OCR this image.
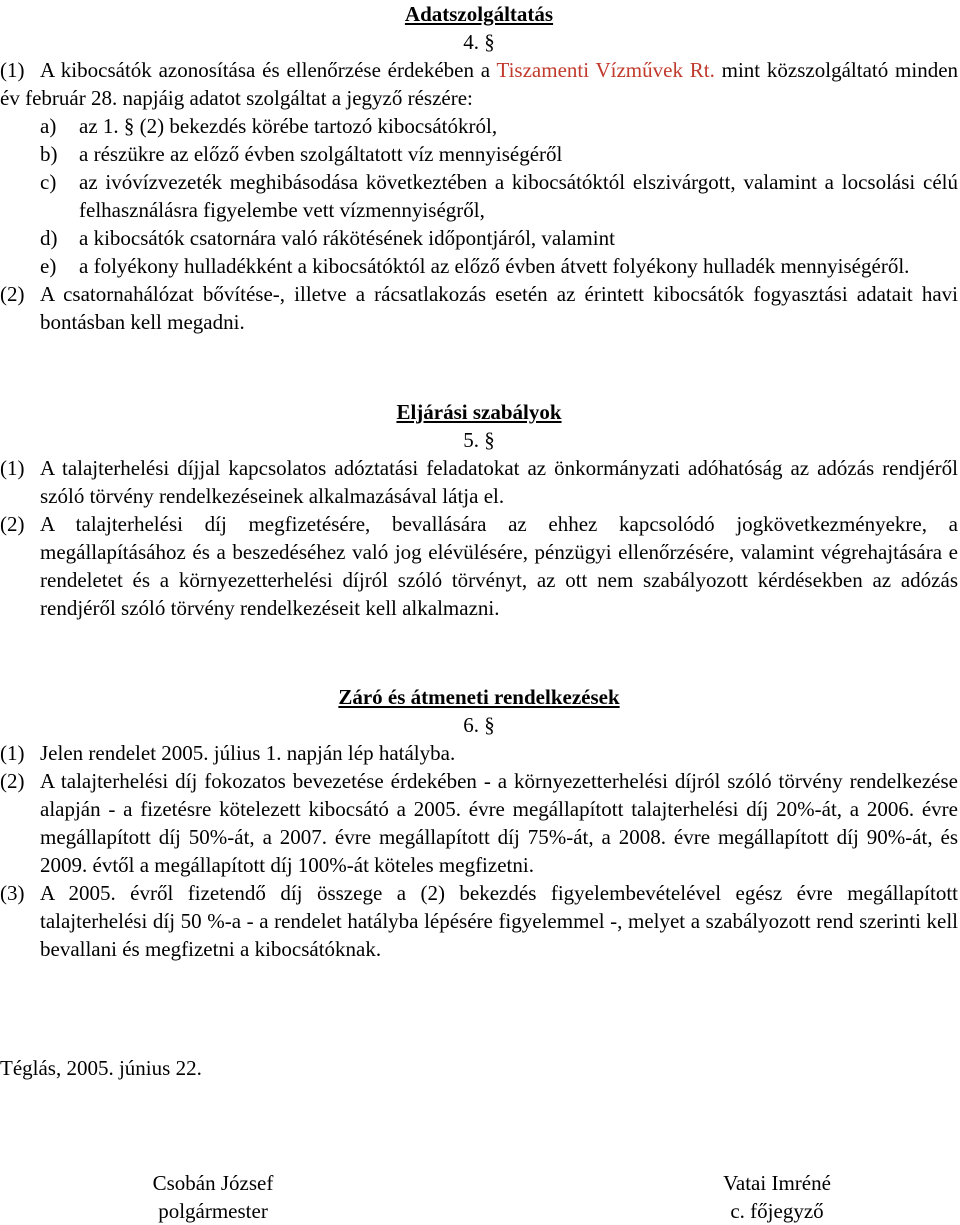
Adatszolgáltatás
4. §
(1) A kibocsátók azonosítása és ellenőrzése érdekében a Tiszamenti Vízművek Rt. mint közszolgáltató minden év február 28. napjáig adatot szolgáltat a jegyző részére:
a) az 1. § (2) bekezdés körébe tartozó kibocsátókról,
b) a részükre az előző évben szolgáltatott víz mennyiségéről
c) az ivóvízvezeték meghibásodása következtében a kibocsátóktól elszivárgott, valamint a locsolási célú felhasználásra figyelembe vett vízmennyiségről,
d) a kibocsátók csatornára való rákötésének időpontjáról, valamint
e) a folyékony hulladékként a kibocsátóktól az előző évben átvett folyékony hulladék mennyiségéről.
(2) A csatornahálózat bővítése-, illetve a rácsatlakozás esetén az érintett kibocsátók fogyasztási adatait havi bontásban kell megadni.
Eljárási szabályok
5. §
(1) A talajterhelési díjjal kapcsolatos adóztatási feladatokat az önkormányzati adóhatóság az adózás rendjéről szóló törvény rendelkezéseinek alkalmazásával látja el.
(2) A talajterhelési díj megfizetésére, bevallására az ehhez kapcsolódó jogkövetkezményekre, a megállapításához és a beszedéséhez való jog elévülésére, pénzügyi ellenőrzésére, valamint végrehajtására e rendeletet és a környezetterhelési díjról szóló törvényt, az ott nem szabályozott kérdésekben az adózás rendjéről szóló törvény rendelkezéseit kell alkalmazni.
Záró és átmeneti rendelkezések
6. §
(1) Jelen rendelet 2005. július 1. napján lép hatályba.
(2) A talajterhelési díj fokozatos bevezetése érdekében - a környezetterhelési díjról szóló törvény rendelkezése alapján - a fizetésre kötelezett kibocsátó a 2005. évre megállapított talajterhelési díj 20%-át, a 2006. évre megállapított díj 50%-át, a 2007. évre megállapított díj 75%-át, a 2008. évre megállapított díj 90%-át, és 2009. évtől a megállapított díj 100%-át köteles megfizetni.
(3) A 2005. évről fizetendő díj összege a (2) bekezdés figyelembevételével egész évre megállapított talajterhelési díj 50 %-a - a rendelet hatályba lépésére figyelemmel -, melyet a szabályozott rend szerinti kell bevallani és megfizetni a kibocsátóknak.
Téglás, 2005. június 22.
Csobán József
polgármester
Vatai Imréné
c. főjegyző
